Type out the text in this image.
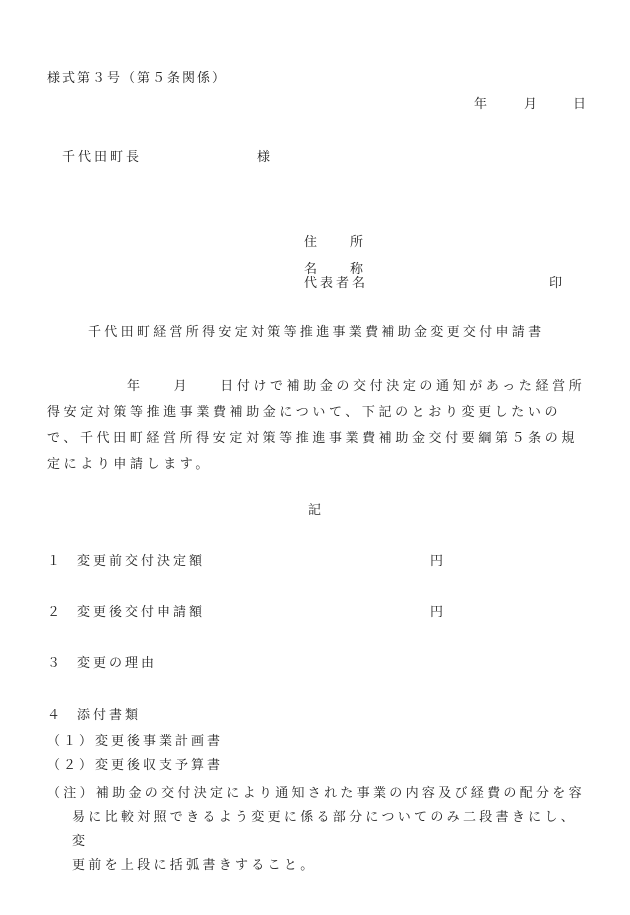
様式第３号（第５条関係）
年	月	日
千代田町長	様
住	所
名	称
代表者名	印
千代田町経営所得安定対策等推進事業費補助金変更交付申請書
年 月 日付けで補助金の交付決定の通知があった経営所得安定対策等推進事業費補助金について、下記のとおり変更したいので、千代田町経営所得安定対策等推進事業費補助金交付要綱第５条の規定により申請します。
記
１ 変更前交付決定額	円
２ 変更後交付申請額	円
３ 変更の理由
４ 添付書類
（１）変更後事業計画書
（２）変更後収支予算書
（注）補助金の交付決定により通知された事業の内容及び経費の配分を容
易に比較対照できるよう変更に係る部分についてのみ二段書きにし、変
更前を上段に括弧書きすること。
